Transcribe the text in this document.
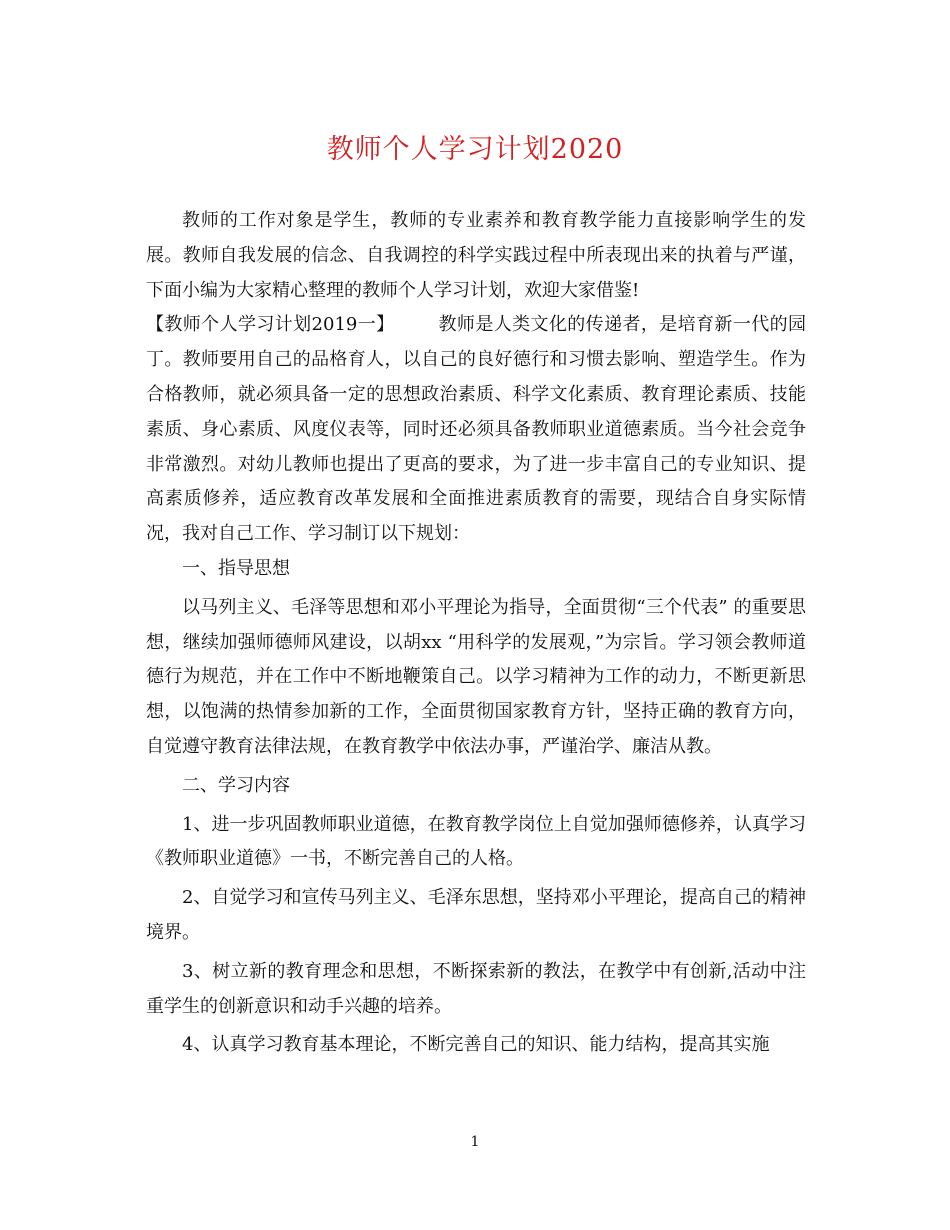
教师个人学习计划2020

教师的工作对象是学生，教师的专业素养和教育教学能力直接影响学生的发展。教师自我发展的信念、自我调控的科学实践过程中所表现出来的执着与严谨，下面小编为大家精心整理的教师个人学习计划，欢迎大家借鉴!

【教师个人学习计划2019一】 教师是人类文化的传递者，是培育新一代的园丁。教师要用自己的品格育人，以自己的良好德行和习惯去影响、塑造学生。作为合格教师，就必须具备一定的思想政治素质、科学文化素质、教育理论素质、技能素质、身心素质、风度仪表等，同时还必须具备教师职业道德素质。当今社会竞争非常激烈。对幼儿教师也提出了更高的要求，为了进一步丰富自己的专业知识、提高素质修养，适应教育改革发展和全面推进素质教育的需要，现结合自身实际情况，我对自己工作、学习制订以下规划：

一、指导思想

以马列主义、毛泽等思想和邓小平理论为指导，全面贯彻“三个代表” 的重要思想，继续加强师德师风建设，以胡xx “用科学的发展观，”为宗旨。学习领会教师道德行为规范，并在工作中不断地鞭策自己。以学习精神为工作的动力，不断更新思想，以饱满的热情参加新的工作，全面贯彻国家教育方针，坚持正确的教育方向，自觉遵守教育法律法规，在教育教学中依法办事，严谨治学、廉洁从教。

二、学习内容

1、进一步巩固教师职业道德，在教育教学岗位上自觉加强师德修养，认真学习《教师职业道德》一书，不断完善自己的人格。

2、自觉学习和宣传马列主义、毛泽东思想，坚持邓小平理论，提高自己的精神境界。

3、树立新的教育理念和思想，不断探索新的教法，在教学中有创新,活动中注重学生的创新意识和动手兴趣的培养。

4、认真学习教育基本理论，不断完善自己的知识、能力结构，提高其实施

1
